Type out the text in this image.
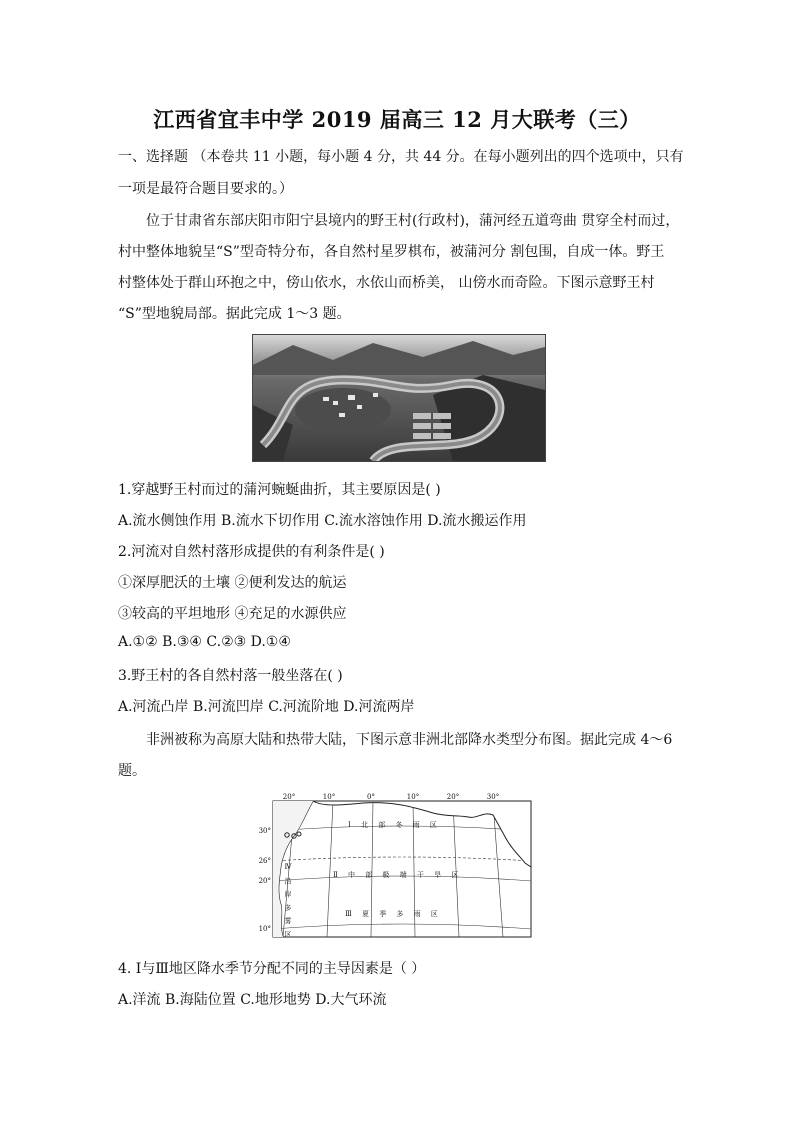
江西省宜丰中学 2019 届高三 12 月大联考（三）
一、选择题 （本卷共 11 小题，每小题 4 分，共 44 分。在每小题列出的四个选项中，只有
一项是最符合题目要求的。）
位于甘肃省东部庆阳市阳宁县境内的野王村(行政村)，蒲河经五道弯曲 贯穿全村而过，
村中整体地貌呈“S”型奇特分布，各自然村星罗棋布，被蒲河分 割包围，自成一体。野王
村整体处于群山环抱之中，傍山依水，水依山而桥美， 山傍水而奇险。下图示意野王村
“S”型地貌局部。据此完成 1～3 题。
1.穿越野王村而过的蒲河蜿蜒曲折，其主要原因是( )
A.流水侧蚀作用 B.流水下切作用 C.流水溶蚀作用 D.流水搬运作用
2.河流对自然村落形成提供的有利条件是( )
①深厚肥沃的土壤 ②便利发达的航运
③较高的平坦地形 ④充足的水源供应
A.①② B.③④ C.②③ D.①④
3.野王村的各自然村落一般坐落在( )
A.河流凸岸 B.河流凹岸 C.河流阶地 D.河流两岸
非洲被称为高原大陆和热带大陆，下图示意非洲北部降水类型分布图。据此完成 4～6
题。
20°	10°	0°	10°	20°	30°
30°
26°
20°
10°
Ⅰ 北 部 冬 雨 区
Ⅱ 中 部 极 端 干 旱 区
Ⅲ 夏 季 多 雨 区
Ⅳ 沿 岸 多 雾 区
4. Ⅰ与Ⅲ地区降水季节分配不同的主导因素是（ ）
A.洋流 B.海陆位置 C.地形地势 D.大气环流
